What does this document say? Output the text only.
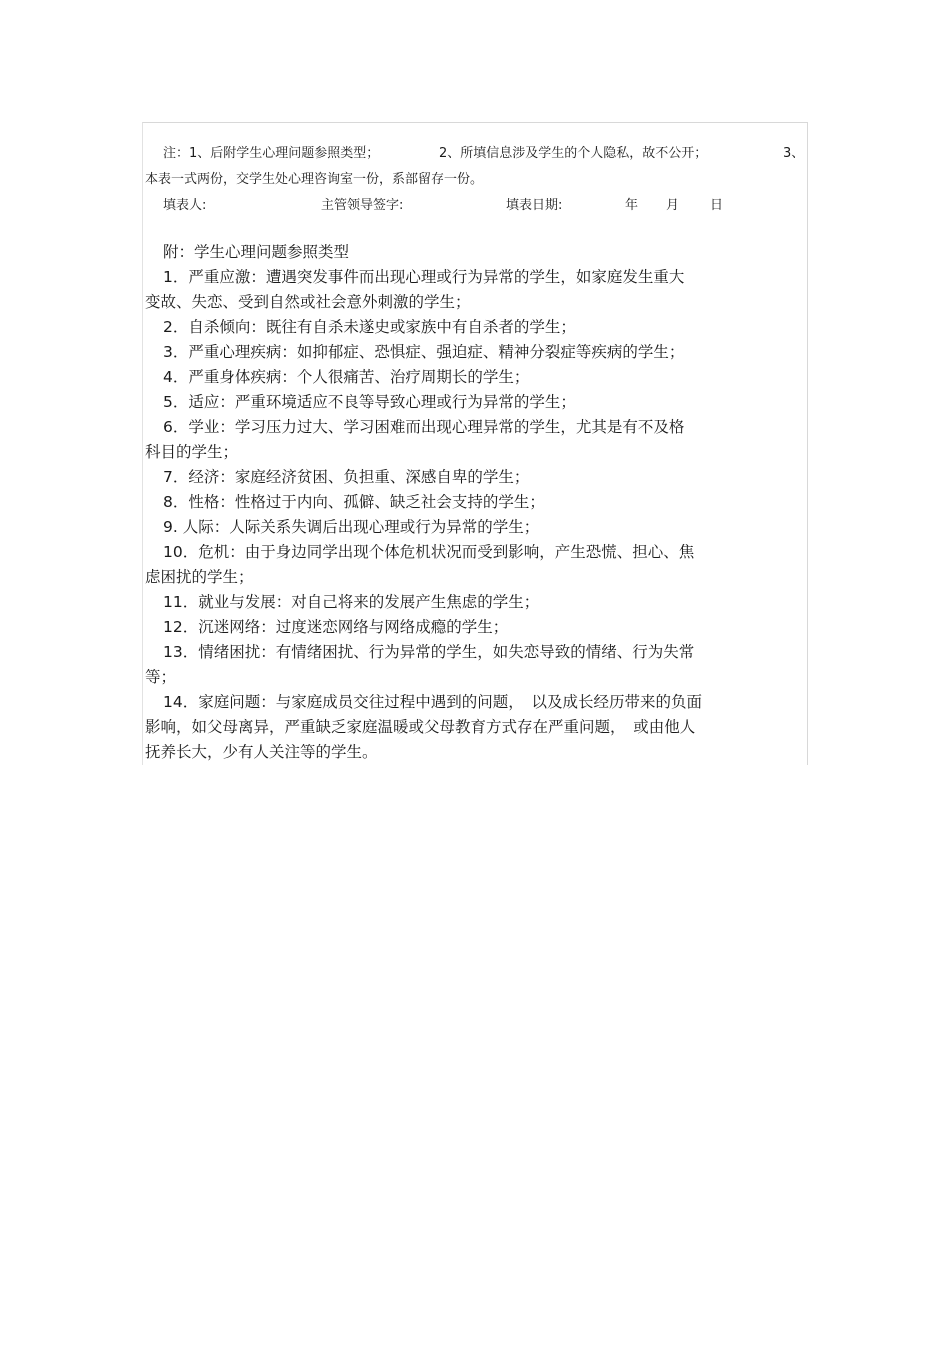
注：1、后附学生心理问题参照类型；	2、所填信息涉及学生的个人隐私，故不公开；	3、
本表一式两份，交学生处心理咨询室一份，系部留存一份。
填表人:	主管领导签字:	填表日期:	年 月 日
附：学生心理问题参照类型
1．严重应激：遭遇突发事件而出现心理或行为异常的学生，如家庭发生重大
变故、失恋、受到自然或社会意外刺激的学生；
2．自杀倾向：既往有自杀未遂史或家族中有自杀者的学生；
3．严重心理疾病：如抑郁症、恐惧症、强迫症、精神分裂症等疾病的学生；
4．严重身体疾病：个人很痛苦、治疗周期长的学生；
5．适应：严重环境适应不良等导致心理或行为异常的学生；
6．学业：学习压力过大、学习困难而出现心理异常的学生，尤其是有不及格
科目的学生；
7．经济：家庭经济贫困、负担重、深感自卑的学生；
8．性格：性格过于内向、孤僻、缺乏社会支持的学生；
9. 人际：人际关系失调后出现心理或行为异常的学生；
10．危机：由于身边同学出现个体危机状况而受到影响，产生恐慌、担心、焦
虑困扰的学生；
11．就业与发展：对自己将来的发展产生焦虑的学生；
12．沉迷网络：过度迷恋网络与网络成瘾的学生；
13．情绪困扰：有情绪困扰、行为异常的学生，如失恋导致的情绪、行为失常
等；
14．家庭问题：与家庭成员交往过程中遇到的问题，　以及成长经历带来的负面
影响，如父母离异，严重缺乏家庭温暖或父母教育方式存在严重问题，　或由他人
抚养长大，少有人关注等的学生。
